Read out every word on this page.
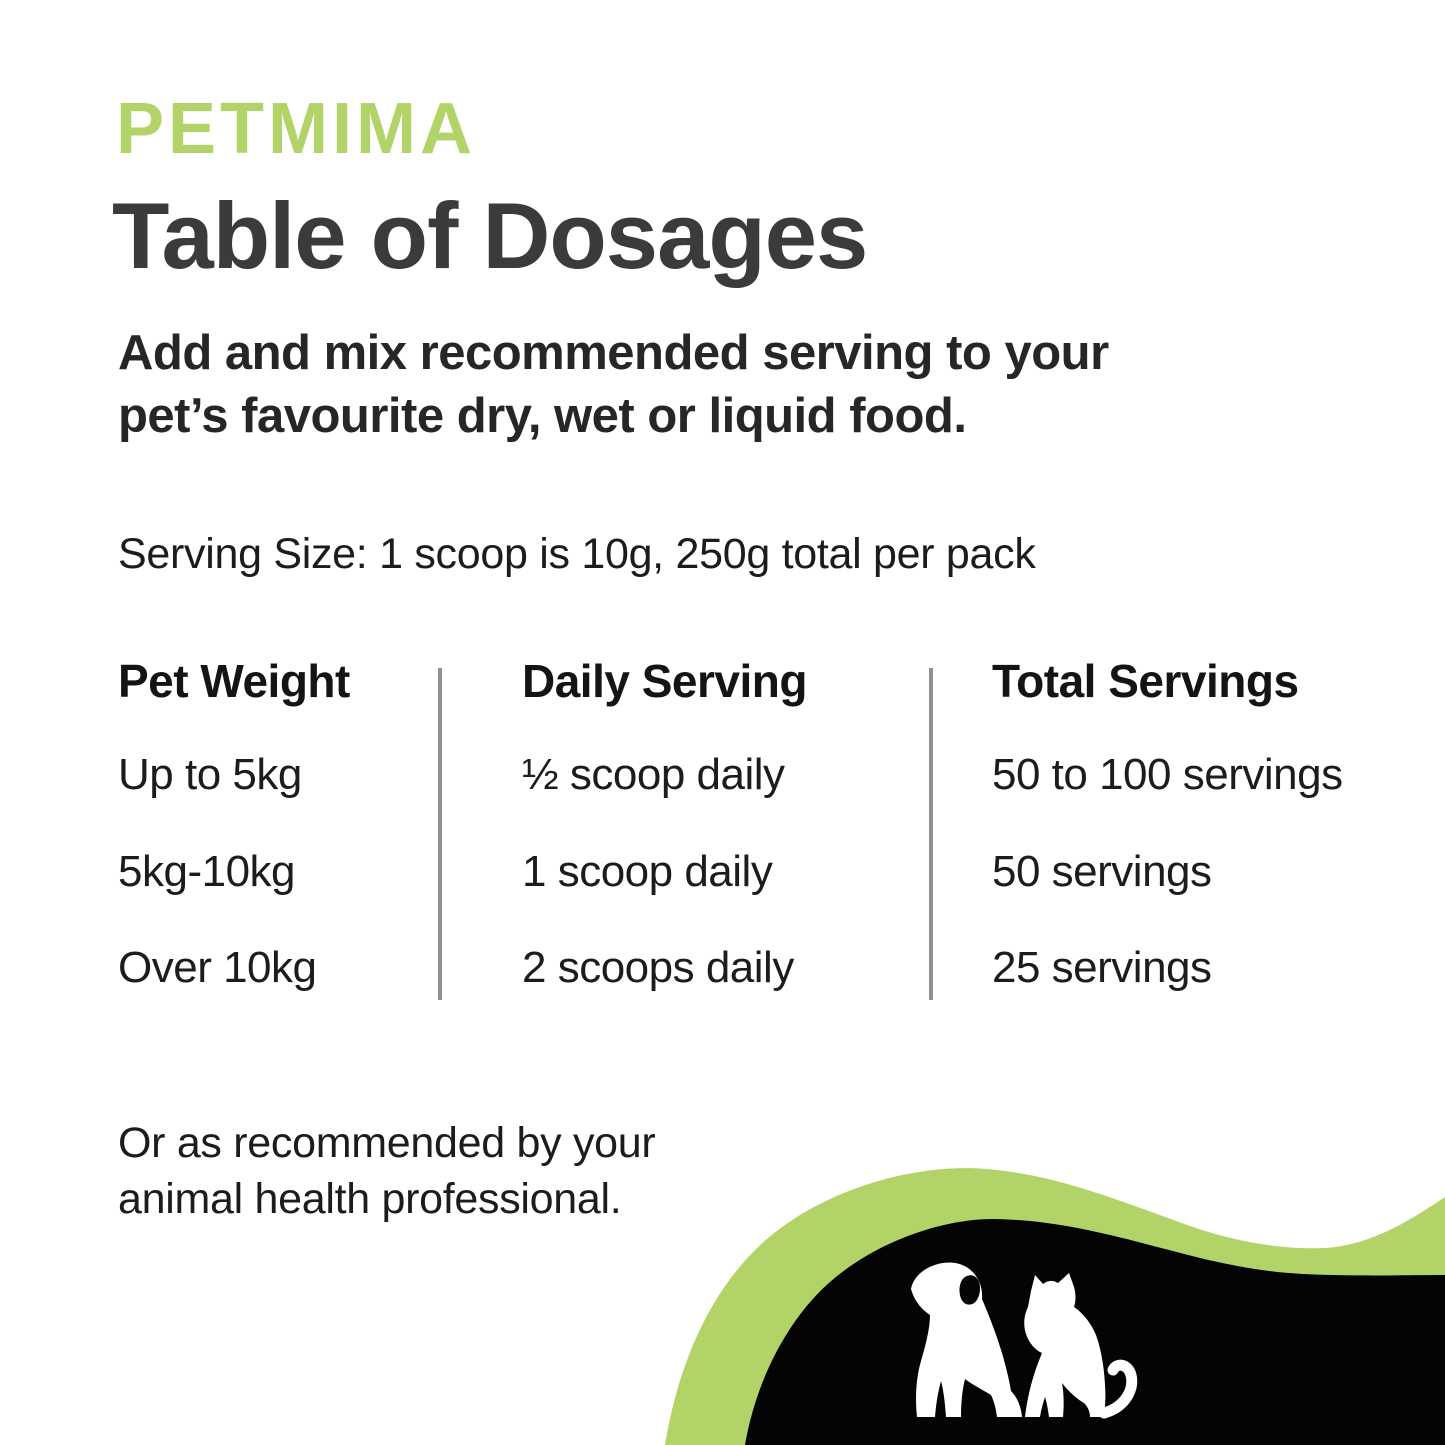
PETMIMA
Table of Dosages

Add and mix recommended serving to your
pet’s favourite dry, wet or liquid food.

Serving Size: 1 scoop is 10g, 250g total per pack
Pet Weight	Daily Serving	Total Servings
Up to 5kg	½ scoop daily	50 to 100 servings
5kg-10kg	1 scoop daily	50 servings
Over 10kg	2 scoops daily	25 servings

Or as recommended by your
animal health professional.
